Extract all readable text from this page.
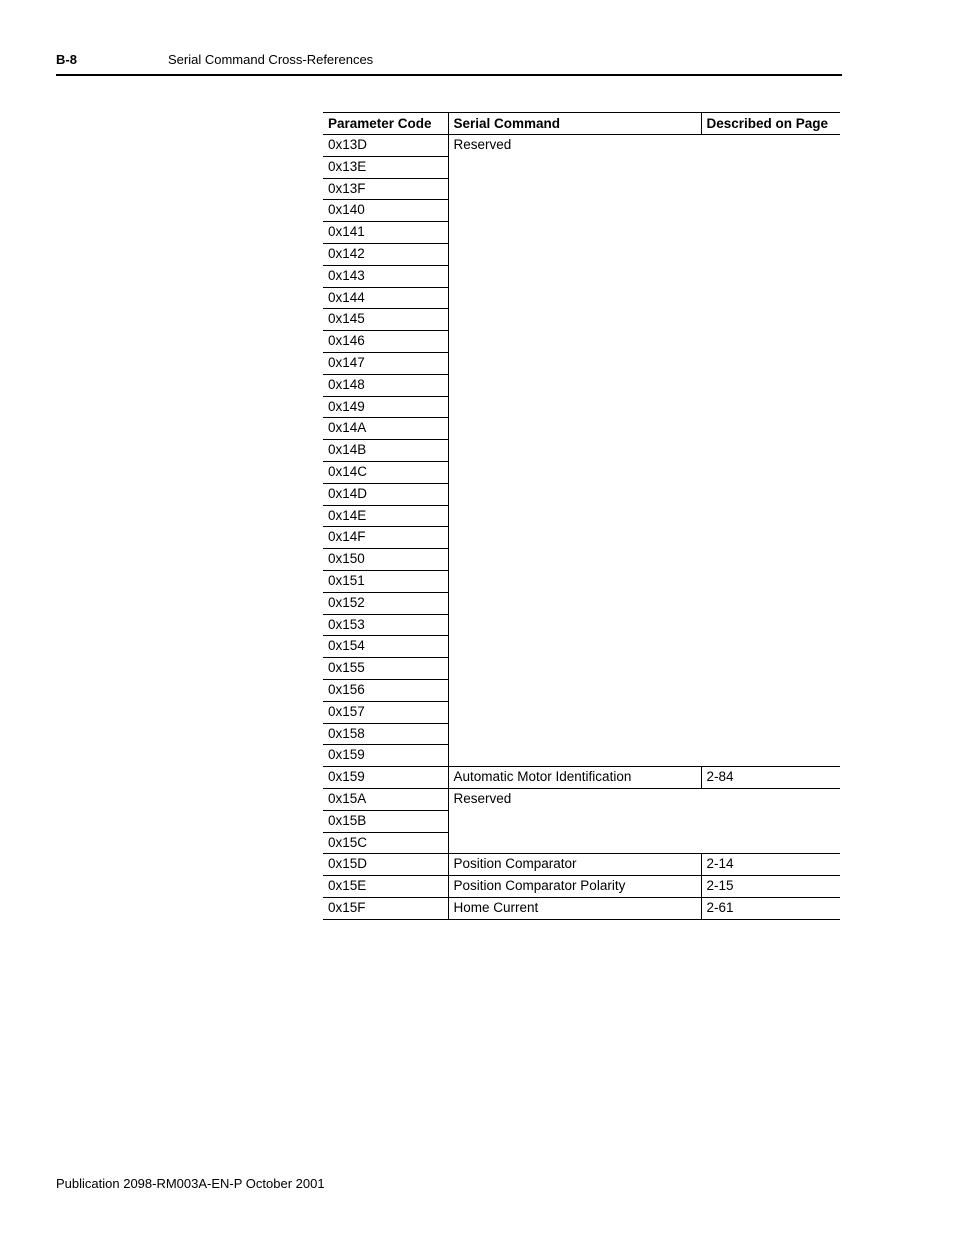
B-8	Serial Command Cross-References
Parameter Code	Serial Command	Described on Page
0x13D	Reserved	
0x13E		
0x13F		
0x140		
0x141		
0x142		
0x143		
0x144		
0x145		
0x146		
0x147		
0x148		
0x149		
0x14A		
0x14B		
0x14C		
0x14D		
0x14E		
0x14F		
0x150		
0x151		
0x152		
0x153		
0x154		
0x155		
0x156		
0x157		
0x158		
0x159		
0x159	Automatic Motor Identification	2-84
0x15A	Reserved	
0x15B		
0x15C		
0x15D	Position Comparator	2-14
0x15E	Position Comparator Polarity	2-15
0x15F	Home Current	2-61
Publication 2098-RM003A-EN-P October 2001
